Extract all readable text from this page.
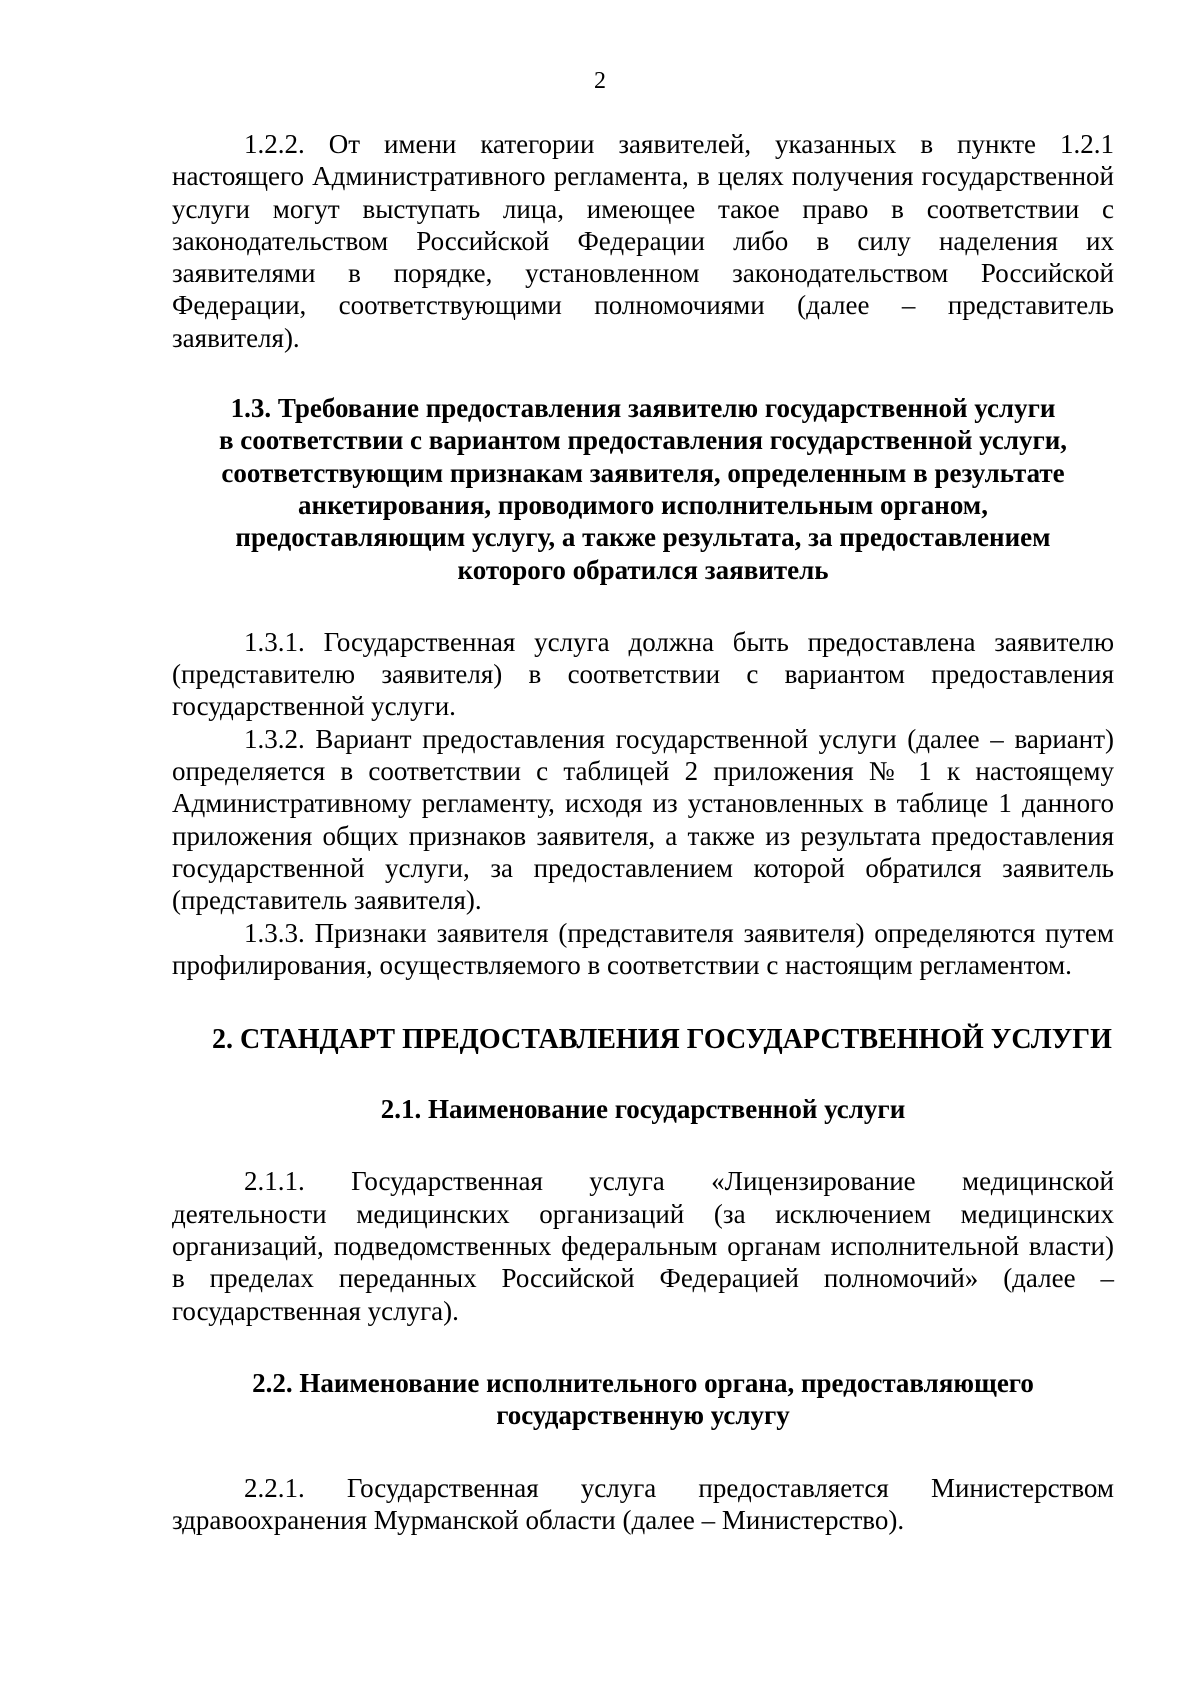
2

1.2.2. От имени категории заявителей, указанных в пункте 1.2.1 настоящего Административного регламента, в целях получения государственной услуги могут выступать лица, имеющее такое право в соответствии с законодательством Российской Федерации либо в силу наделения их заявителями в порядке, установленном законодательством Российской Федерации, соответствующими полномочиями (далее – представитель заявителя).

1.3. Требование предоставления заявителю государственной услуги
в соответствии с вариантом предоставления государственной услуги,
соответствующим признакам заявителя, определенным в результате
анкетирования, проводимого исполнительным органом,
предоставляющим услугу, а также результата, за предоставлением
которого обратился заявитель

1.3.1. Государственная услуга должна быть предоставлена заявителю (представителю заявителя) в соответствии с вариантом предоставления государственной услуги.

1.3.2. Вариант предоставления государственной услуги (далее – вариант) определяется в соответствии с таблицей 2 приложения № 1 к настоящему Административному регламенту, исходя из установленных в таблице 1 данного приложения общих признаков заявителя, а также из результата предоставления государственной услуги, за предоставлением которой обратился заявитель (представитель заявителя).

1.3.3. Признаки заявителя (представителя заявителя) определяются путем профилирования, осуществляемого в соответствии с настоящим регламентом.

2. СТАНДАРТ ПРЕДОСТАВЛЕНИЯ ГОСУДАРСТВЕННОЙ УСЛУГИ
2.1. Наименование государственной услуги

2.1.1. Государственная услуга «Лицензирование медицинской деятельности медицинских организаций (за исключением медицинских организаций, подведомственных федеральным органам исполнительной власти) в пределах переданных Российской Федерацией полномочий» (далее – государственная услуга).

2.2. Наименование исполнительного органа, предоставляющего
государственную услугу

2.2.1. Государственная услуга предоставляется Министерством здравоохранения Мурманской области (далее – Министерство).
